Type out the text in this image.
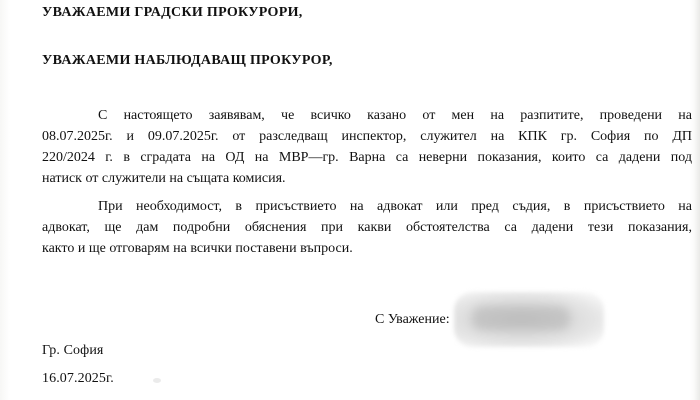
УВАЖАЕМИ ГРАДСКИ ПРОКУРОРИ,
УВАЖАЕМИ НАБЛЮДАВАЩ ПРОКУРОР,
С настоящето заявявам, че всичко казано от мен на разпитите, проведени на
08.07.2025г. и 09.07.2025г. от разследващ инспектор, служител на КПК гр. София по ДП
220/2024 г. в сградата на ОД на МВР—гр. Варна са неверни показания, които са дадени под
натиск от служители на същата комисия.
При необходимост, в присъствието на адвокат или пред съдия, в присъствието на
адвокат, ще дам подробни обяснения при какви обстоятелства са дадени тези показания,
както и ще отговарям на всички поставени въпроси.
С Уважение:
Гр. София
16.07.2025г.
